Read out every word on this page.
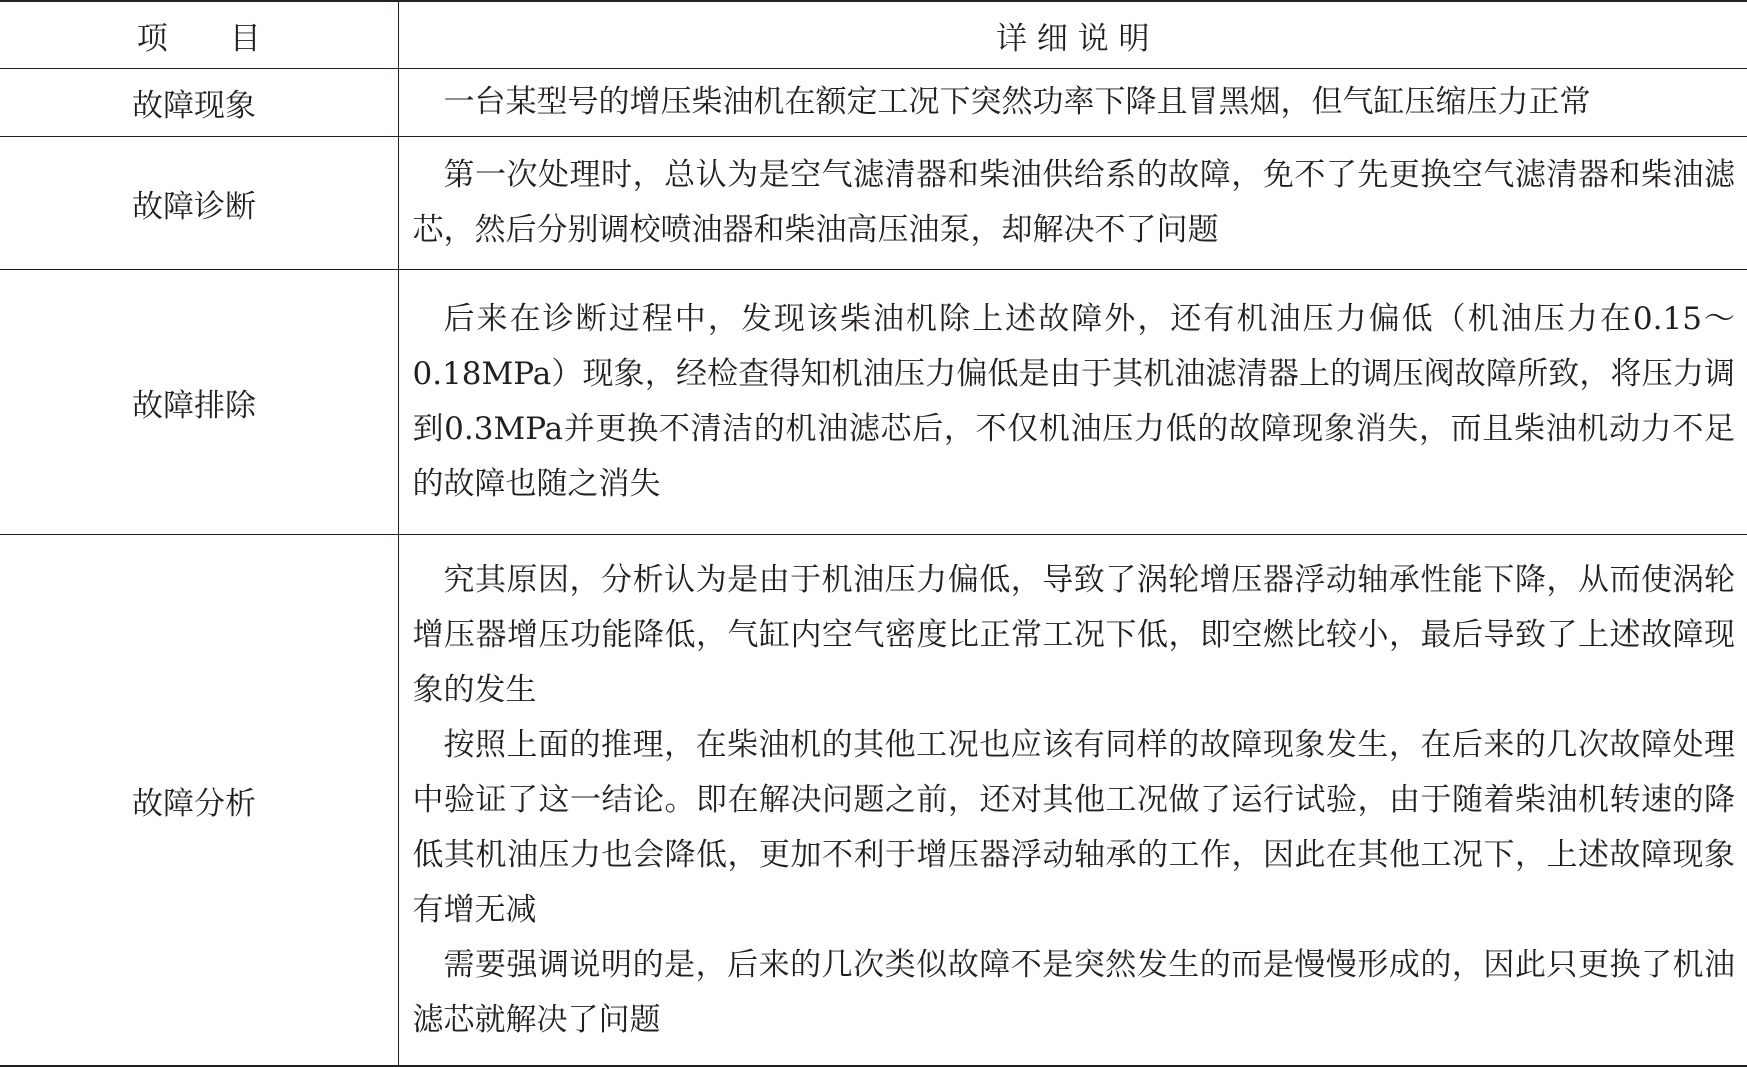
项　　目	详 细 说 明
故障现象	一台某型号的增压柴油机在额定工况下突然功率下降且冒黑烟，但气缸压缩压力正常

故障诊断	第一次处理时，总认为是空气滤清器和柴油供给系的故障，免不了先更换空气滤清器和柴油滤芯，然后分别调校喷油器和柴油高压油泵，却解决不了问题

故障排除	后来在诊断过程中，发现该柴油机除上述故障外，还有机油压力偏低（机油压力在0.15～0.18MPa）现象，经检查得知机油压力偏低是由于其机油滤清器上的调压阀故障所致，将压力调到0.3MPa并更换不清洁的机油滤芯后，不仅机油压力低的故障现象消失，而且柴油机动力不足的故障也随之消失

故障分析	究其原因，分析认为是由于机油压力偏低，导致了涡轮增压器浮动轴承性能下降，从而使涡轮增压器增压功能降低，气缸内空气密度比正常工况下低，即空燃比较小，最后导致了上述故障现象的发生

按照上面的推理，在柴油机的其他工况也应该有同样的故障现象发生，在后来的几次故障处理中验证了这一结论。即在解决问题之前，还对其他工况做了运行试验，由于随着柴油机转速的降低其机油压力也会降低，更加不利于增压器浮动轴承的工作，因此在其他工况下，上述故障现象有增无减

需要强调说明的是，后来的几次类似故障不是突然发生的而是慢慢形成的，因此只更换了机油滤芯就解决了问题
